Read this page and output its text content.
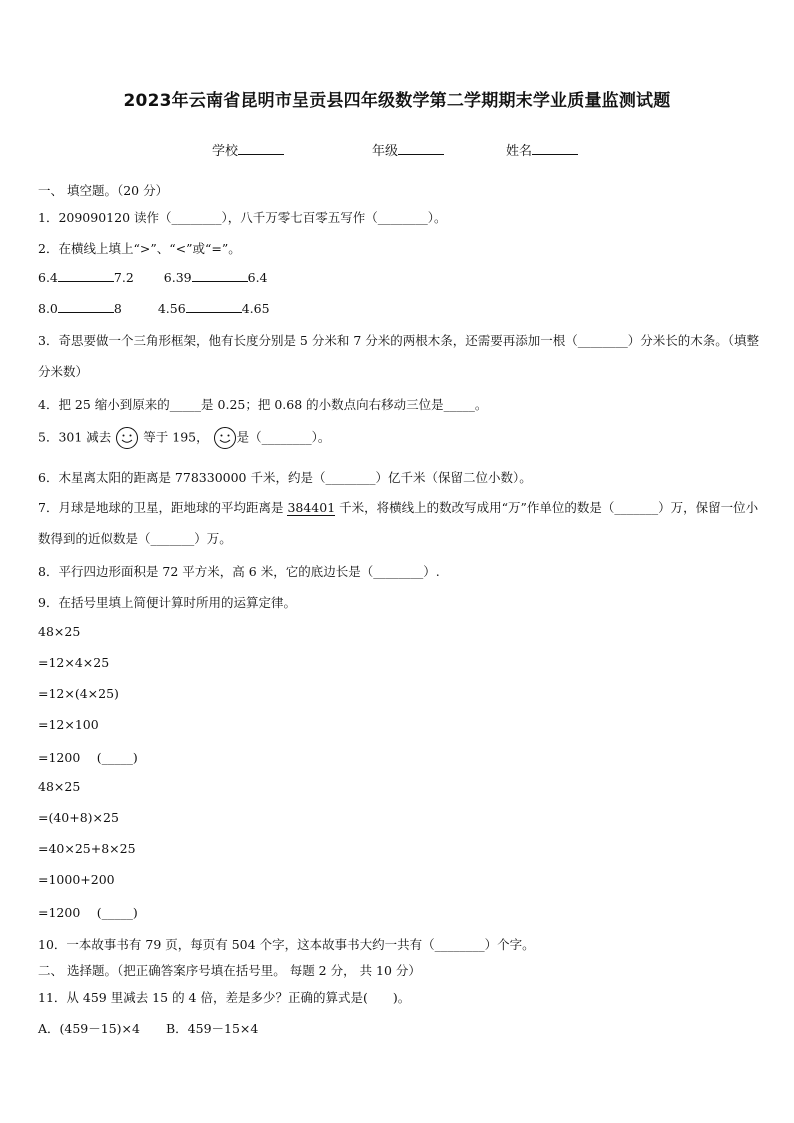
2023年云南省昆明市呈贡县四年级数学第二学期期末学业质量监测试题
学校	年级	姓名
一、 填空题。（20 分）
1．209090120 读作（________），八千万零七百零五写作（________）。
2．在横线上填上“>”、“<”或“=”。
6.4	7.2 6.39	6.4
8.0	8	4.56	4.65
3．奇思要做一个三角形框架，他有长度分别是 5 分米和 7 分米的两根木条，还需要再添加一根（________）分米长的木条。（填整分米数）
4．把 25 缩小到原来的_____是 0.25；把 0.68 的小数点向右移动三位是_____。
5．301 减去	等于 195， 是（________）。
6．木星离太阳的距离是 778330000 千米，约是（________）亿千米（保留二位小数）。
7．月球是地球的卫星，距地球的平均距离是 384401 千米，将横线上的数改写成用“万”作单位的数是（_______）万，保留一位小数得到的近似数是（_______）万。
8．平行四边形面积是 72 平方米，高 6 米，它的底边长是（________）.
9．在括号里填上简便计算时所用的运算定律。
48×25
=12×4×25
=12×(4×25)
=12×100
=1200　 (_____)
48×25
=(40+8)×25
=40×25+8×25
=1000+200
=1200　 (_____)
10．一本故事书有 79 页，每页有 504 个字，这本故事书大约一共有（________）个字。
二、 选择题。（把正确答案序号填在括号里。 每题 2 分， 共 10 分）
11．从 459 里减去 15 的 4 倍，差是多少？正确的算式是(　　)。
A．(459－15)×4 B．459－15×4
